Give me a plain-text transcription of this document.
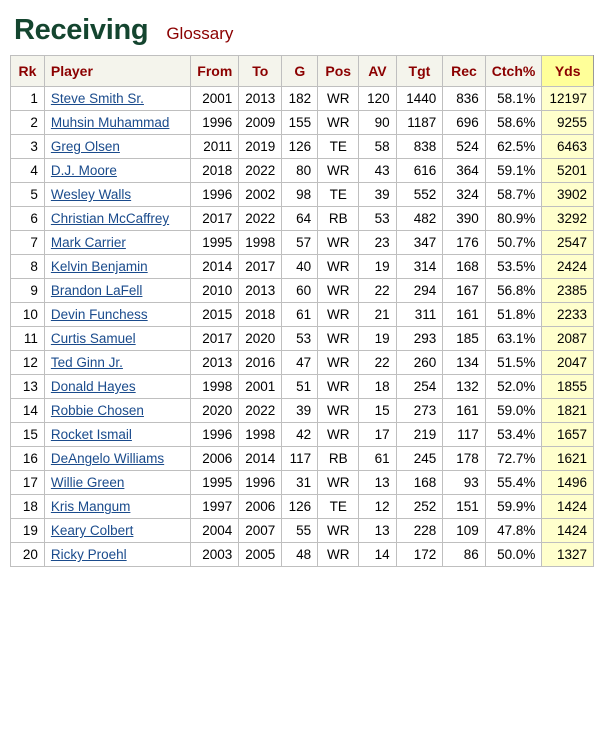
Receiving Glossary
Rk	Player	From	To	G	Pos	AV	Tgt	Rec	Ctch%	Yds
1	Steve Smith Sr.	2001	2013	182	WR	120	1440	836	58.1%	12197
2	Muhsin Muhammad	1996	2009	155	WR	90	1187	696	58.6%	9255
3	Greg Olsen	2011	2019	126	TE	58	838	524	62.5%	6463
4	D.J. Moore	2018	2022	80	WR	43	616	364	59.1%	5201
5	Wesley Walls	1996	2002	98	TE	39	552	324	58.7%	3902
6	Christian McCaffrey	2017	2022	64	RB	53	482	390	80.9%	3292
7	Mark Carrier	1995	1998	57	WR	23	347	176	50.7%	2547
8	Kelvin Benjamin	2014	2017	40	WR	19	314	168	53.5%	2424
9	Brandon LaFell	2010	2013	60	WR	22	294	167	56.8%	2385
10	Devin Funchess	2015	2018	61	WR	21	311	161	51.8%	2233
11	Curtis Samuel	2017	2020	53	WR	19	293	185	63.1%	2087
12	Ted Ginn Jr.	2013	2016	47	WR	22	260	134	51.5%	2047
13	Donald Hayes	1998	2001	51	WR	18	254	132	52.0%	1855
14	Robbie Chosen	2020	2022	39	WR	15	273	161	59.0%	1821
15	Rocket Ismail	1996	1998	42	WR	17	219	117	53.4%	1657
16	DeAngelo Williams	2006	2014	117	RB	61	245	178	72.7%	1621
17	Willie Green	1995	1996	31	WR	13	168	93	55.4%	1496
18	Kris Mangum	1997	2006	126	TE	12	252	151	59.9%	1424
19	Keary Colbert	2004	2007	55	WR	13	228	109	47.8%	1424
20	Ricky Proehl	2003	2005	48	WR	14	172	86	50.0%	1327
